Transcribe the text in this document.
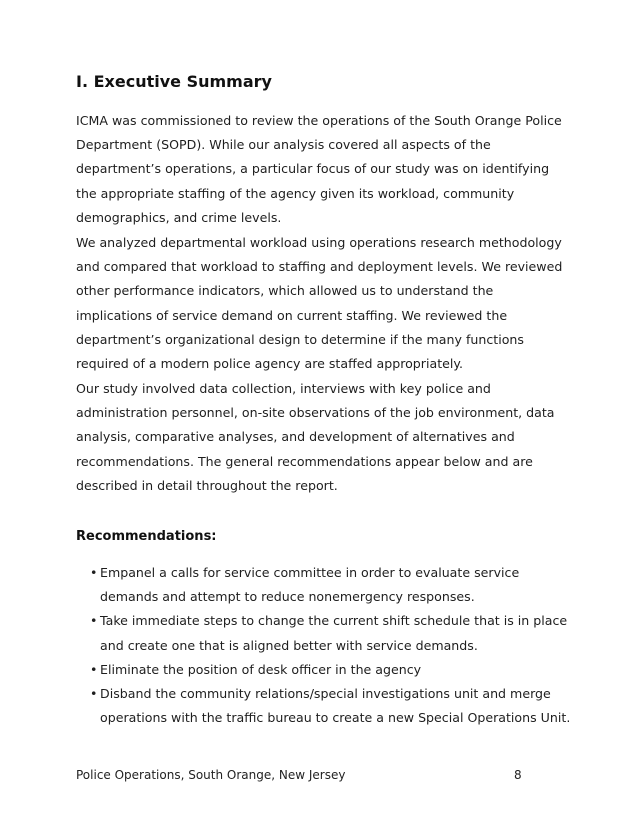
I. Executive Summary

ICMA was commissioned to review the operations of the South Orange Police Department (SOPD). While our analysis covered all aspects of the department’s operations, a particular focus of our study was on identifying the appropriate staffing of the agency given its workload, community demographics, and crime levels.

We analyzed departmental workload using operations research methodology and compared that workload to staffing and deployment levels. We reviewed other performance indicators, which allowed us to understand the implications of service demand on current staffing. We reviewed the department’s organizational design to determine if the many functions required of a modern police agency are staffed appropriately.

Our study involved data collection, interviews with key police and administration personnel, on-site observations of the job environment, data analysis, comparative analyses, and development of alternatives and recommendations. The general recommendations appear below and are described in detail throughout the report.

Recommendations:
• Empanel a calls for service committee in order to evaluate service demands and attempt to reduce nonemergency responses.
• Take immediate steps to change the current shift schedule that is in place and create one that is aligned better with service demands.
• Eliminate the position of desk officer in the agency
• Disband the community relations/special investigations unit and merge operations with the traffic bureau to create a new Special Operations Unit.

Police Operations, South Orange, New Jersey	8
